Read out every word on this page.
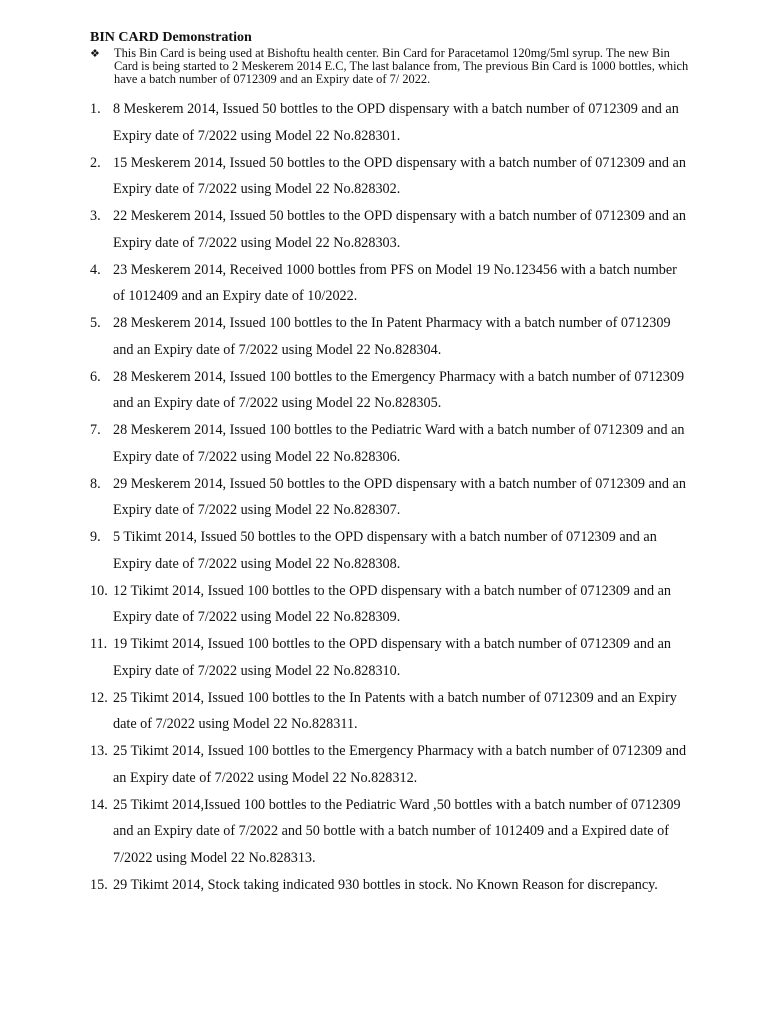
BIN CARD Demonstration
❖ This Bin Card is being used at Bishoftu health center. Bin Card for Paracetamol 120mg/5ml syrup. The new Bin Card is being started to 2 Meskerem 2014 E.C, The last balance from, The previous Bin Card is 1000 bottles, which have a batch number of 0712309 and an Expiry date of 7/ 2022.

1. 8 Meskerem 2014, Issued 50 bottles to the OPD dispensary with a batch number of 0712309 and an Expiry date of 7/2022 using Model 22 No.828301.
2. 15 Meskerem 2014, Issued 50 bottles to the OPD dispensary with a batch number of 0712309 and an Expiry date of 7/2022 using Model 22 No.828302.
3. 22 Meskerem 2014, Issued 50 bottles to the OPD dispensary with a batch number of 0712309 and an Expiry date of 7/2022 using Model 22 No.828303.
4. 23 Meskerem 2014, Received 1000 bottles from PFS on Model 19 No.123456 with a batch number of 1012409 and an Expiry date of 10/2022.
5. 28 Meskerem 2014, Issued 100 bottles to the In Patent Pharmacy with a batch number of 0712309 and an Expiry date of 7/2022 using Model 22 No.828304.
6. 28 Meskerem 2014, Issued 100 bottles to the Emergency Pharmacy with a batch number of 0712309 and an Expiry date of 7/2022 using Model 22 No.828305.
7. 28 Meskerem 2014, Issued 100 bottles to the Pediatric Ward with a batch number of 0712309 and an Expiry date of 7/2022 using Model 22 No.828306.
8. 29 Meskerem 2014, Issued 50 bottles to the OPD dispensary with a batch number of 0712309 and an Expiry date of 7/2022 using Model 22 No.828307.
9. 5 Tikimt 2014, Issued 50 bottles to the OPD dispensary with a batch number of 0712309 and an Expiry date of 7/2022 using Model 22 No.828308.
10. 12 Tikimt 2014, Issued 100 bottles to the OPD dispensary with a batch number of 0712309 and an Expiry date of 7/2022 using Model 22 No.828309.
11. 19 Tikimt 2014, Issued 100 bottles to the OPD dispensary with a batch number of 0712309 and an Expiry date of 7/2022 using Model 22 No.828310.
12. 25 Tikimt 2014, Issued 100 bottles to the In Patents with a batch number of 0712309 and an Expiry date of 7/2022 using Model 22 No.828311.
13. 25 Tikimt 2014, Issued 100 bottles to the Emergency Pharmacy with a batch number of 0712309 and an Expiry date of 7/2022 using Model 22 No.828312.
14. 25 Tikimt 2014,Issued 100 bottles to the Pediatric Ward ,50 bottles with a batch number of 0712309 and an Expiry date of 7/2022 and 50 bottle with a batch number of 1012409 and a Expired date of 7/2022 using Model 22 No.828313.
15. 29 Tikimt 2014, Stock taking indicated 930 bottles in stock. No Known Reason for discrepancy.
